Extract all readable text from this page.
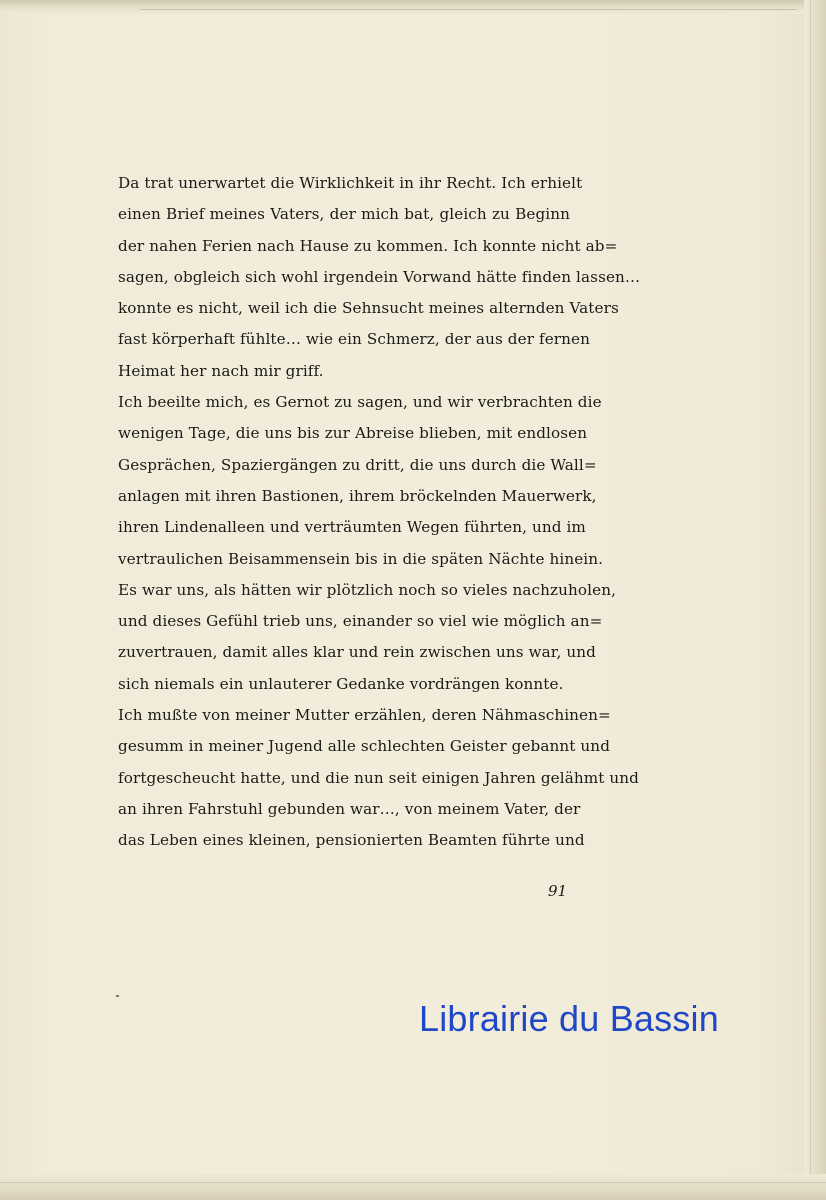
Da trat unerwartet die Wirklichkeit in ihr Recht. Ich erhielt
einen Brief meines Vaters, der mich bat, gleich zu Beginn
der nahen Ferien nach Hause zu kommen. Ich konnte nicht ab=
sagen, obgleich sich wohl irgendein Vorwand hätte finden lassen…
konnte es nicht, weil ich die Sehnsucht meines alternden Vaters
fast körperhaft fühlte… wie ein Schmerz, der aus der fernen
Heimat her nach mir griff.
Ich beeilte mich, es Gernot zu sagen, und wir verbrachten die
wenigen Tage, die uns bis zur Abreise blieben, mit endlosen
Gesprächen, Spaziergängen zu dritt, die uns durch die Wall=
anlagen mit ihren Bastionen, ihrem bröckelnden Mauerwerk,
ihren Lindenalleen und verträumten Wegen führten, und im
vertraulichen Beisammensein bis in die späten Nächte hinein.
Es war uns, als hätten wir plötzlich noch so vieles nachzuholen,
und dieses Gefühl trieb uns, einander so viel wie möglich an=
zuvertrauen, damit alles klar und rein zwischen uns war, und
sich niemals ein unlauterer Gedanke vordrängen konnte.
Ich mußte von meiner Mutter erzählen, deren Nähmaschinen=
gesumm in meiner Jugend alle schlechten Geister gebannt und
fortgescheucht hatte, und die nun seit einigen Jahren gelähmt und
an ihren Fahrstuhl gebunden war…, von meinem Vater, der
das Leben eines kleinen, pensionierten Beamten führte und
91
Librairie du Bassin
